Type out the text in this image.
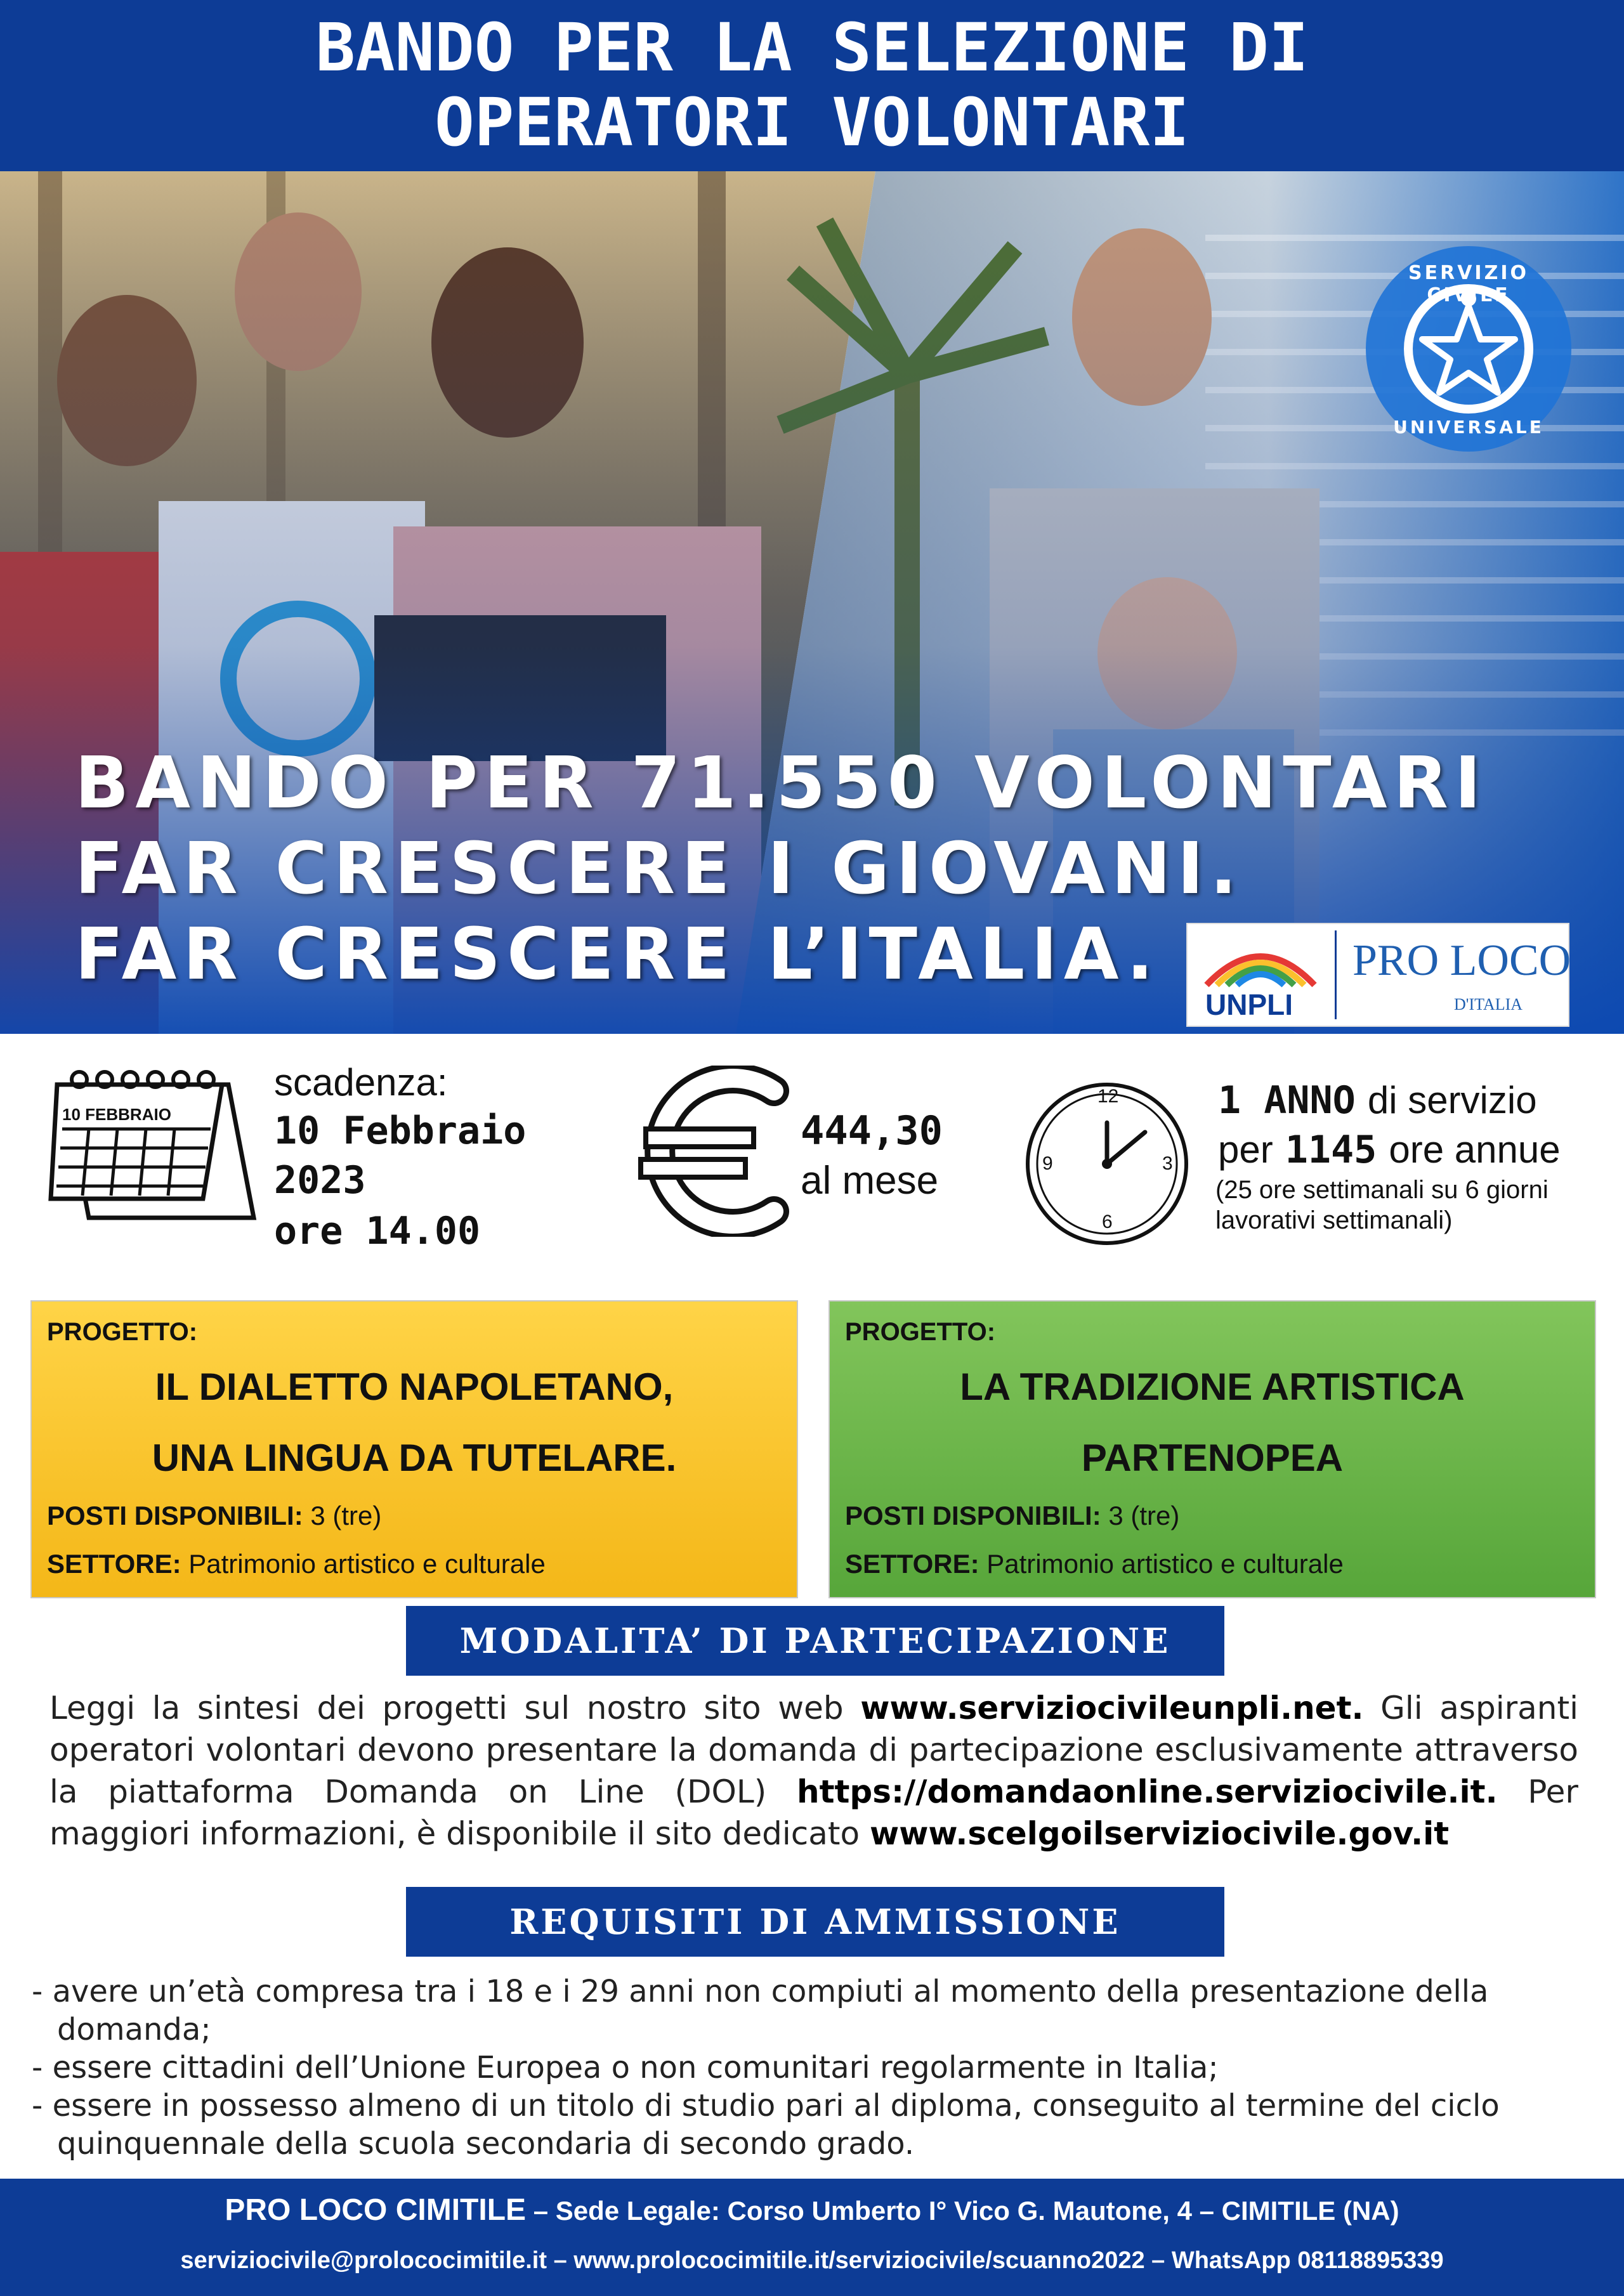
BANDO PER LA SELEZIONE DI
OPERATORI VOLONTARI
BANDO PER 71.550 VOLONTARI
FAR CRESCERE I GIOVANI.
FAR CRESCERE L’ITALIA.
SERVIZIO CIVILE
UNIVERSALE
UNPLI
PRO LOCO
D'ITALIA
10 FEBBRAIO
scadenza:
10 Febbraio
2023
ore 14.00
444,30
al mese
12
3
6
9
1 ANNO di servizio
per 1145 ore annue
(25 ore settimanali su 6 giorni
lavorativi settimanali)
PROGETTO:
IL DIALETTO NAPOLETANO,
UNA LINGUA DA TUTELARE.
POSTI DISPONIBILI: 3 (tre)
SETTORE: Patrimonio artistico e culturale
PROGETTO:
LA TRADIZIONE ARTISTICA
PARTENOPEA
POSTI DISPONIBILI: 3 (tre)
SETTORE: Patrimonio artistico e culturale
MODALITA’ DI PARTECIPAZIONE
Leggi la sintesi dei progetti sul nostro sito web www.serviziocivileunpli.net. Gli aspiranti operatori volontari devono presentare la domanda di partecipazione esclusivamente attraverso la piattaforma Domanda on Line (DOL) https://domandaonline.serviziocivile.it. Per maggiori informazioni, è disponibile il sito dedicato www.scelgoilserviziocivile.gov.it
REQUISITI DI AMMISSIONE
- avere un’età compresa tra i 18 e i 29 anni non compiuti al momento della presentazione della domanda;
- essere cittadini dell’Unione Europea o non comunitari regolarmente in Italia;
- essere in possesso almeno di un titolo di studio pari al diploma, conseguito al termine del ciclo quinquennale della scuola secondaria di secondo grado.
PRO LOCO CIMITILE – Sede Legale: Corso Umberto I° Vico G. Mautone, 4 – CIMITILE (NA)
serviziocivile@prolococimitile.it – www.prolococimitile.it/serviziocivile/scuanno2022 – WhatsApp 08118895339
